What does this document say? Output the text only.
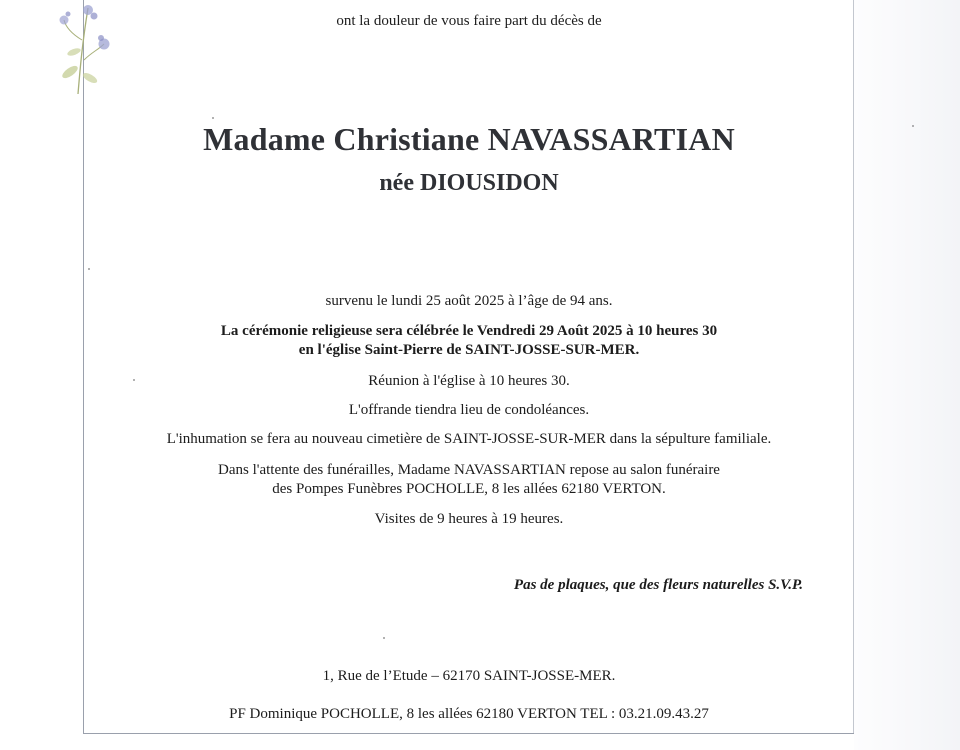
ont la douleur de vous faire part du décès de
Madame Christiane NAVASSARTIAN
née DIOUSIDON
survenu le lundi 25 août 2025 à l’âge de 94 ans.
La cérémonie religieuse sera célébrée le Vendredi 29 Août 2025 à 10 heures 30
en l'église Saint-Pierre de SAINT-JOSSE-SUR-MER.
Réunion à l'église à 10 heures 30.
L'offrande tiendra lieu de condoléances.
L'inhumation se fera au nouveau cimetière de SAINT-JOSSE-SUR-MER dans la sépulture familiale.
Dans l'attente des funérailles, Madame NAVASSARTIAN repose au salon funéraire
des Pompes Funèbres POCHOLLE, 8 les allées 62180 VERTON.
Visites de 9 heures à 19 heures.
Pas de plaques, que des fleurs naturelles S.V.P.
1, Rue de l’Etude – 62170 SAINT-JOSSE-MER.
PF Dominique POCHOLLE, 8 les allées 62180 VERTON TEL : 03.21.09.43.27
